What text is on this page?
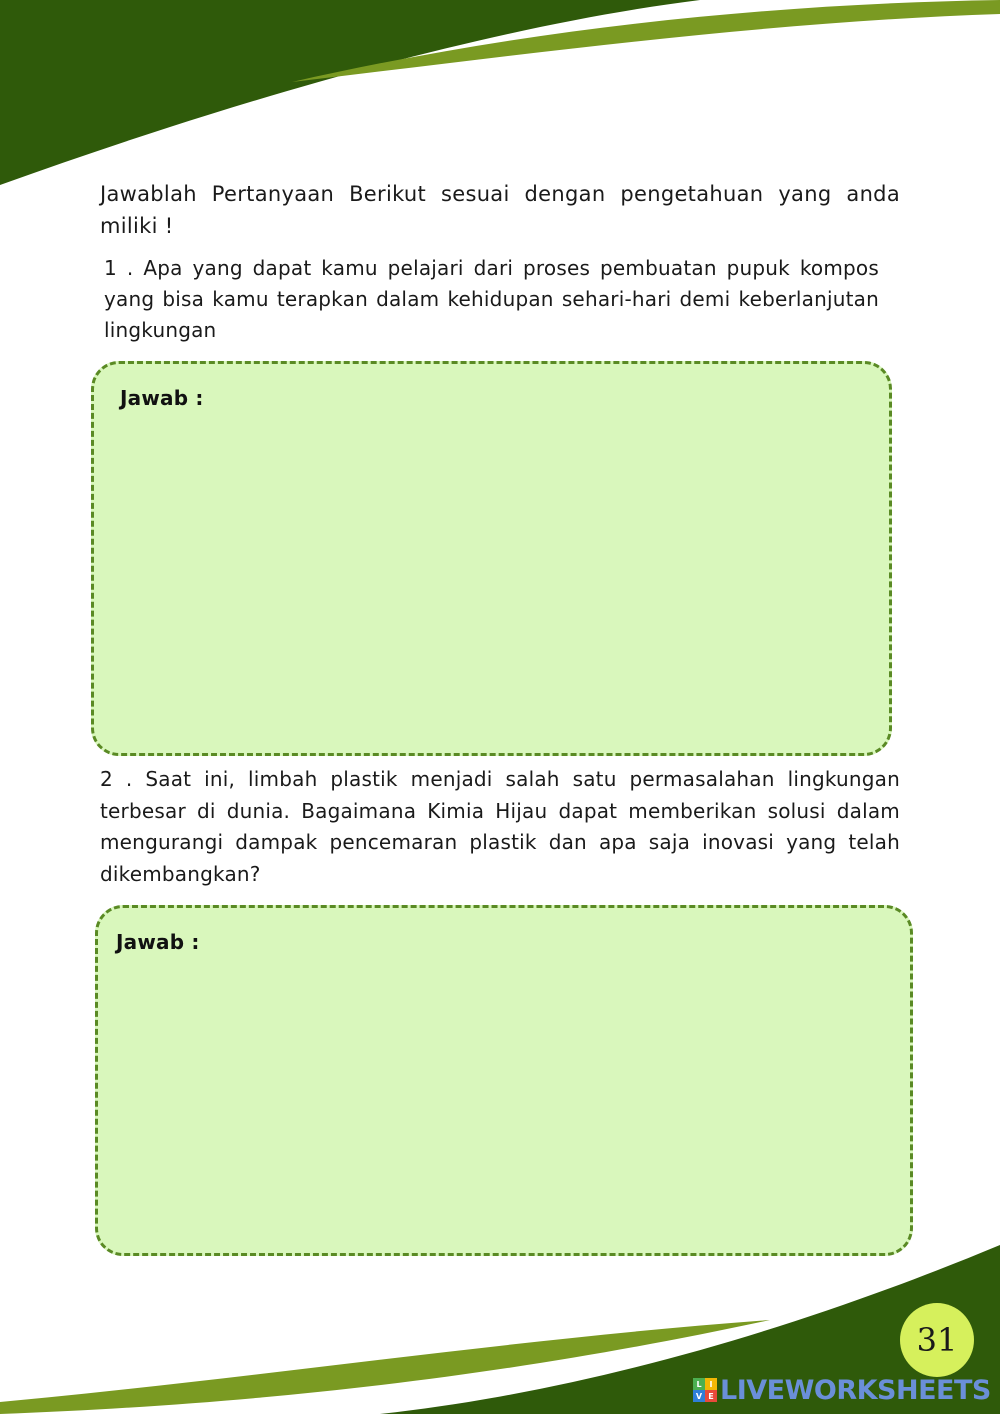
Jawablah Pertanyaan Berikut sesuai dengan pengetahuan yang anda miliki !

1 . Apa yang dapat kamu pelajari dari proses pembuatan pupuk kompos yang bisa kamu terapkan dalam kehidupan sehari-hari demi keberlanjutan lingkungan

Jawab :

2 . Saat ini, limbah plastik menjadi salah satu permasalahan lingkungan terbesar di dunia. Bagaimana Kimia Hijau dapat memberikan solusi dalam mengurangi dampak pencemaran plastik dan apa saja inovasi yang telah dikembangkan?

Jawab :
31
L I
V E LIVEWORKSHEETS
